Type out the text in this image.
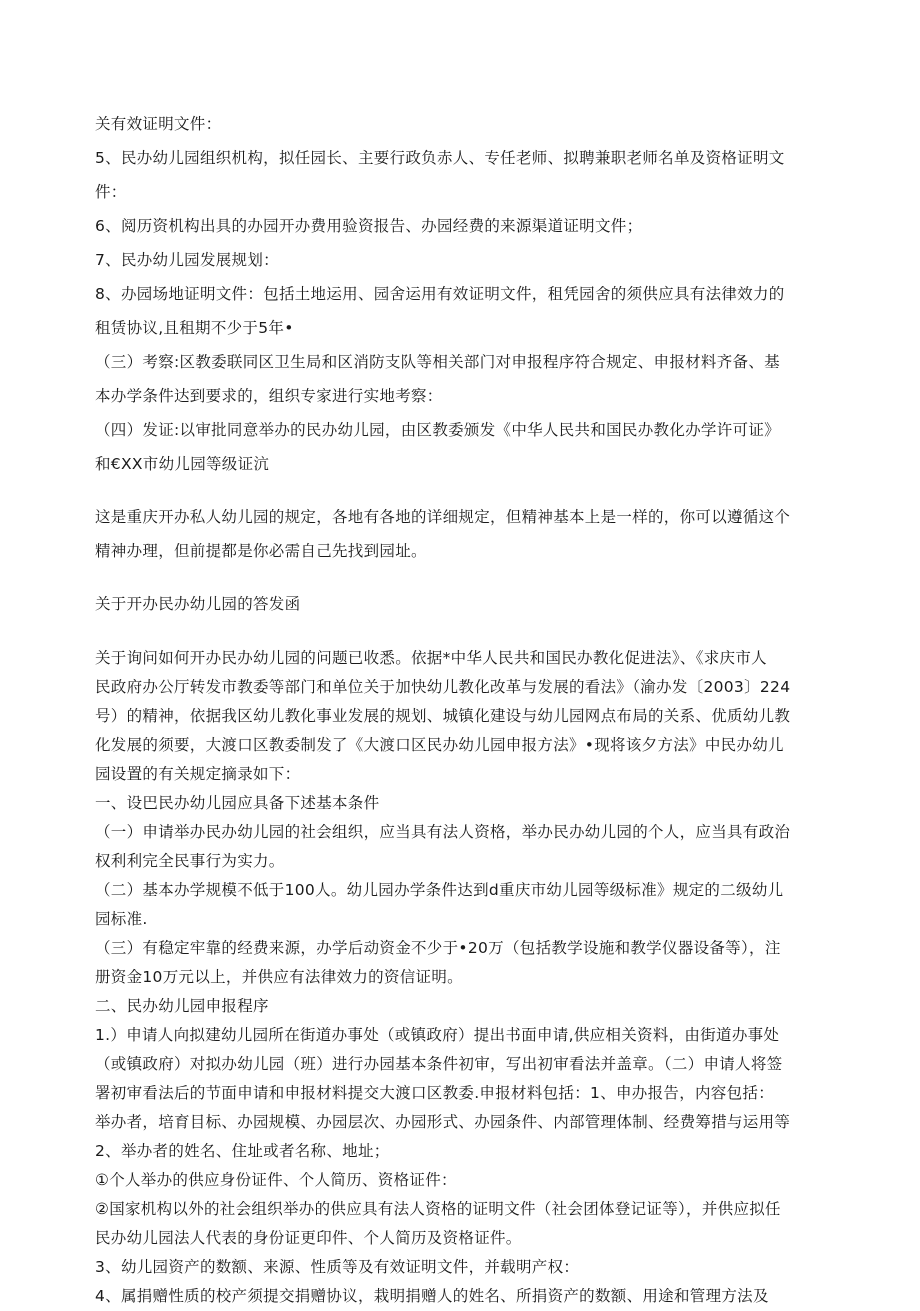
关有效证明文件：
5、民办幼儿园组织机构，拟任园长、主要行政负赤人、专任老师、拟聘兼职老师名单及资格证明文
件：
6、阅历资机构出具的办园开办费用验资报告、办园经费的来源渠道证明文件；
7、民办幼儿园发展规划：
8、办园场地证明文件：包括土地运用、园舍运用有效证明文件，租凭园舍的须供应具有法律效力的
租赁协议,且租期不少于5年•
（三）考察:区教委联同区卫生局和区消防支队等相关部门对申报程序符合规定、申报材料齐备、基
本办学条件达到要求的，组织专家进行实地考察：
（四）发证:以审批同意举办的民办幼儿园，由区教委颁发《中华人民共和国民办教化办学许可证》
和€XX市幼儿园等级证沆
这是重庆开办私人幼儿园的规定，各地有各地的详细规定，但精神基本上是一样的，你可以遵循这个
精神办理，但前提都是你必需自己先找到园址。
关于开办民办幼儿园的答发函
关于询问如何开办民办幼儿园的问题已收悉。依据*中华人民共和国民办教化促进法》、《求庆市人
民政府办公厅转发市教委等部门和单位关于加快幼儿教化改革与发展的看法》（渝办发〔2003〕224
号）的精神，依据我区幼儿教化事业发展的规划、城镇化建设与幼儿园网点布局的关系、优质幼儿教
化发展的须要，大渡口区教委制发了《大渡口区民办幼儿园申报方法》•现将该夕方法》中民办幼儿
园设置的有关规定摘录如下：
一、设巴民办幼儿园应具备下述基本条件
（一）申请举办民办幼儿园的社会组织，应当具有法人资格，举办民办幼儿园的个人，应当具有政治
权利利完全民事行为实力。
（二）基本办学规模不低于100人。幼儿园办学条件达到d重庆市幼儿园等级标准》规定的二级幼儿
园标准.
（三）有稳定牢靠的经费来源，办学后动资金不少于•20万（包括教学设施和教学仪器设备等），注
册资金10万元以上，并供应有法律效力的资信证明。
二、民办幼儿园申报程序
1.）申请人向拟建幼儿园所在街道办事处（或镇政府）提出书面申请,供应相关资料，由街道办事处
（或镇政府）对拟办幼儿园（班）进行办园基本条件初审，写出初审看法并盖章。（二）申请人将签
署初审看法后的节面申请和申报材料提交大渡口区教委.申报材料包括：1、申办报告，内容包括：
举办者，培育目标、办园规模、办园层次、办园形式、办园条件、内部管理体制、经费筹措与运用等
2、举办者的姓名、住址或者名称、地址；
①个人举办的供应身份证件、个人简历、资格证件：
②国家机构以外的社会组织举办的供应具有法人资格的证明文件（社会团体登记证等），并供应拟任
民办幼儿园法人代表的身份证更印件、个人简历及资格证件。
3、幼儿园资产的数额、来源、性质等及有效证明文件，并载明产权：
4、属捐赠性质的校产须提交捐赠协议，栽明捐赠人的姓名、所捐资产的数额、用途和管理方法及
